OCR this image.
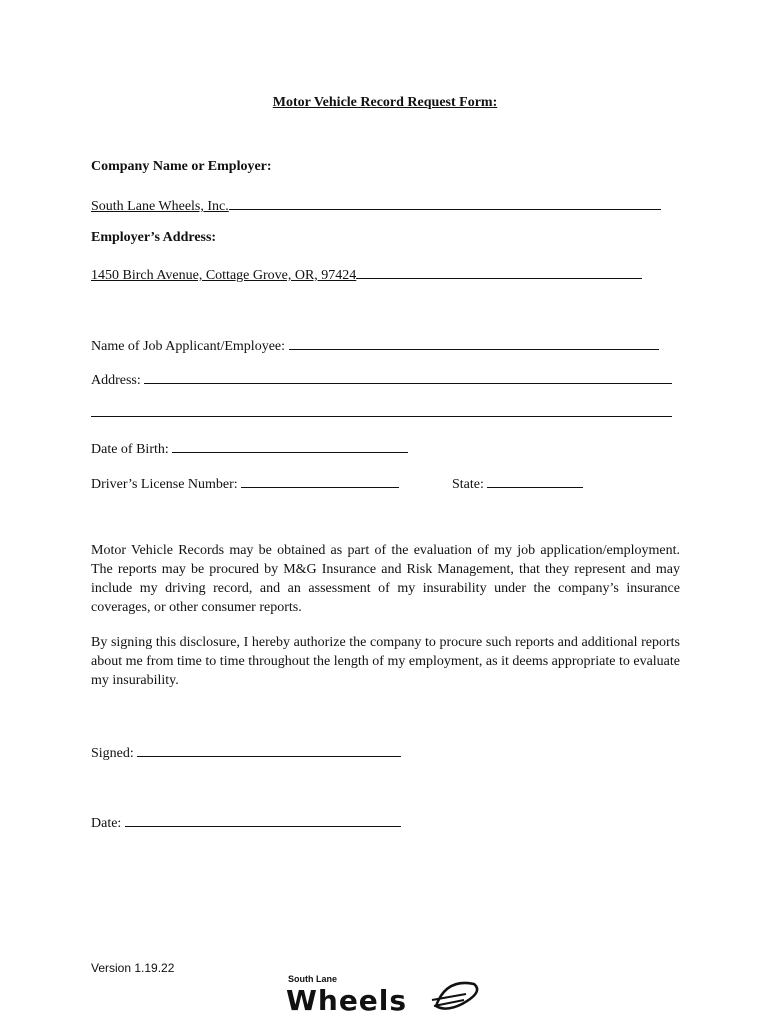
Motor Vehicle Record Request Form:
Company Name or Employer:
South Lane Wheels, Inc.
Employer’s Address:
1450 Birch Avenue, Cottage Grove, OR, 97424
Name of Job Applicant/Employee:
Address:
Date of Birth:
Driver’s License Number:	State:
Motor Vehicle Records may be obtained as part of the evaluation of my job application/employment. The reports may be procured by M&G Insurance and Risk Management, that they represent and may include my driving record, and an assessment of my insurability under the company’s insurance coverages, or other consumer reports.
By signing this disclosure, I hereby authorize the company to procure such reports and additional reports about me from time to time throughout the length of my employment, as it deems appropriate to evaluate my insurability.
Signed:
Date:
Version 1.19.22
South Lane
Wheels
